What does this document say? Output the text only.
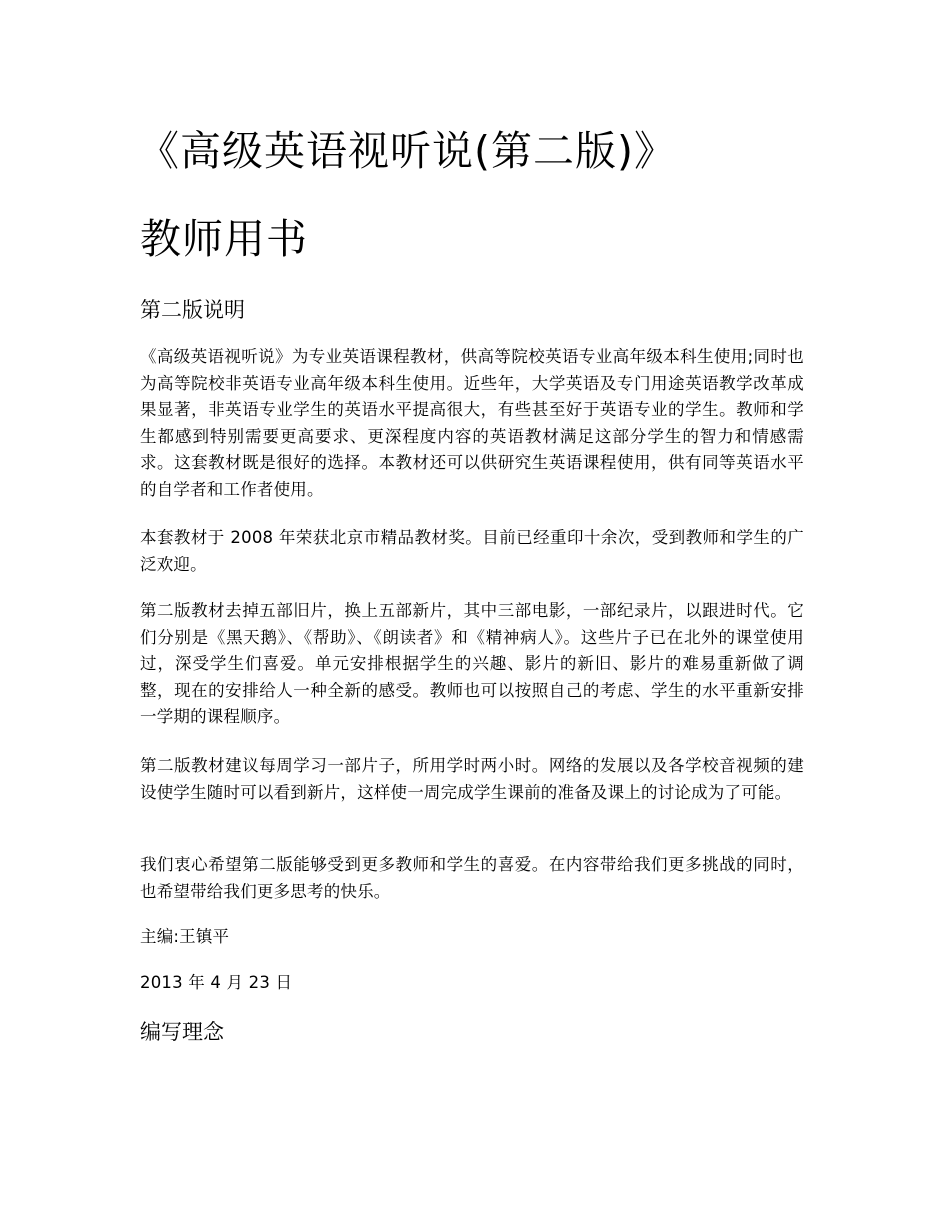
《高级英语视听说(第二版)》
教师用书
第二版说明

《高级英语视听说》为专业英语课程教材，供高等院校英语专业高年级本科生使用;同时也为高等院校非英语专业高年级本科生使用。近些年，大学英语及专门用途英语教学改革成果显著，非英语专业学生的英语水平提高很大，有些甚至好于英语专业的学生。教师和学生都感到特别需要更高要求、更深程度内容的英语教材满足这部分学生的智力和情感需求。这套教材既是很好的选择。本教材还可以供研究生英语课程使用，供有同等英语水平的自学者和工作者使用。

本套教材于 2008 年荣获北京市精品教材奖。目前已经重印十余次，受到教师和学生的广泛欢迎。

第二版教材去掉五部旧片，换上五部新片，其中三部电影，一部纪录片，以跟进时代。它们分别是《黑天鹅》、《帮助》、《朗读者》和《精神病人》。这些片子已在北外的课堂使用过，深受学生们喜爱。单元安排根据学生的兴趣、影片的新旧、影片的难易重新做了调整，现在的安排给人一种全新的感受。教师也可以按照自己的考虑、学生的水平重新安排一学期的课程顺序。

第二版教材建议每周学习一部片子，所用学时两小时。网络的发展以及各学校音视频的建设使学生随时可以看到新片，这样使一周完成学生课前的准备及课上的讨论成为了可能。

我们衷心希望第二版能够受到更多教师和学生的喜爱。在内容带给我们更多挑战的同时，也希望带给我们更多思考的快乐。

主编:王镇平

2013 年 4 月 23 日

编写理念
